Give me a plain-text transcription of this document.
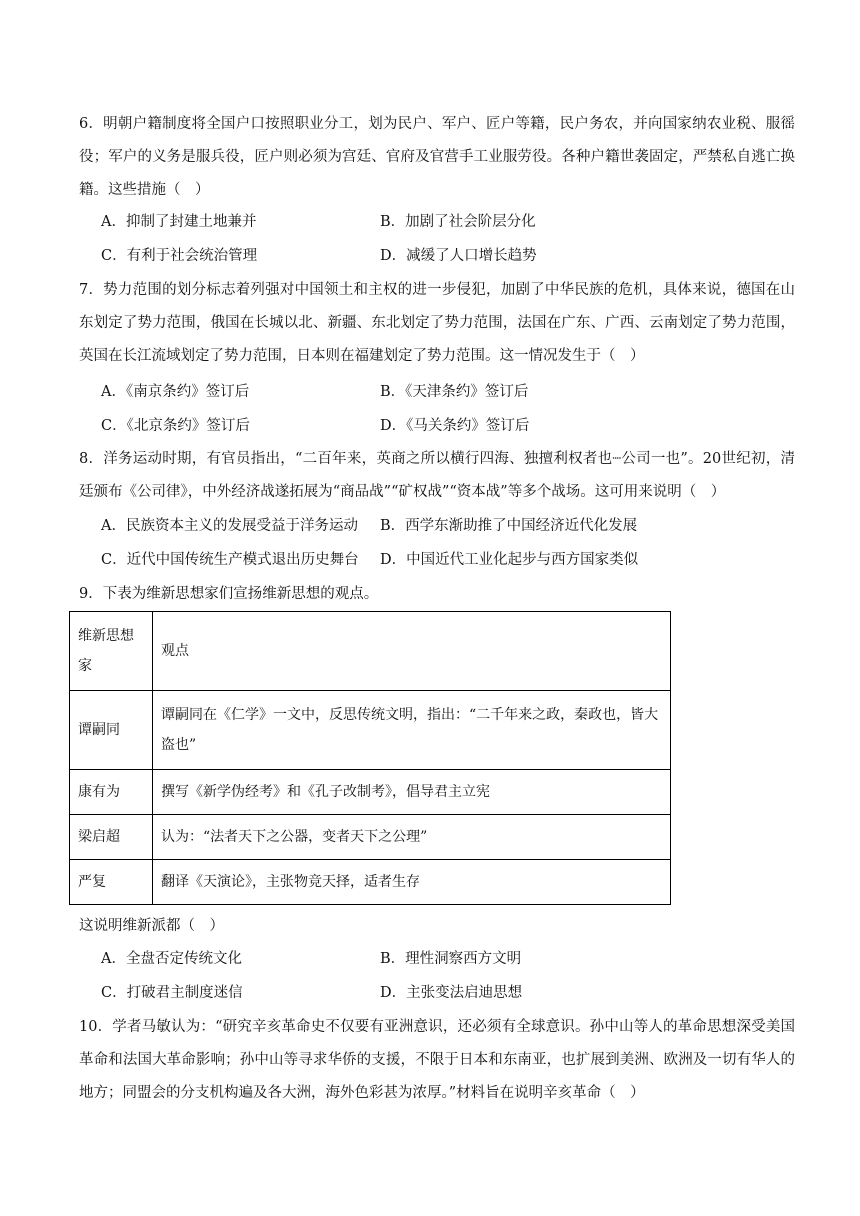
6．明朝户籍制度将全国户口按照职业分工，划为民户、军户、匠户等籍，民户务农，并向国家纳农业税、服徭役；军户的义务是服兵役，匠户则必须为宫廷、官府及官营手工业服劳役。各种户籍世袭固定，严禁私自逃亡换籍。这些措施（　）
A．抑制了封建土地兼并	B．加剧了社会阶层分化
C．有利于社会统治管理	D．减缓了人口增长趋势
7．势力范围的划分标志着列强对中国领土和主权的进一步侵犯，加剧了中华民族的危机，具体来说，德国在山东划定了势力范围，俄国在长城以北、新疆、东北划定了势力范围，法国在广东、广西、云南划定了势力范围，英国在长江流域划定了势力范围，日本则在福建划定了势力范围。这一情况发生于（　）
A．《南京条约》签订后	B．《天津条约》签订后
C．《北京条约》签订后	D．《马关条约》签订后
8．洋务运动时期，有官员指出，“二百年来，英商之所以横行四海、独擅利权者也┈公司一也”。20世纪初，清廷颁布《公司律》，中外经济战遂拓展为“商品战”“矿权战”“资本战”等多个战场。这可用来说明（　）
A．民族资本主义的发展受益于洋务运动	B．西学东渐助推了中国经济近代化发展
C．近代中国传统生产模式退出历史舞台	D．中国近代工业化起步与西方国家类似
9．下表为维新思想家们宣扬维新思想的观点。
维新思想家	观点
谭嗣同	谭嗣同在《仁学》一文中，反思传统文明，指出：“二千年来之政，秦政也，皆大盗也”
康有为	撰写《新学伪经考》和《孔子改制考》，倡导君主立宪
梁启超	认为：“法者天下之公器，变者天下之公理”
严复	翻译《天演论》，主张物竞天择，适者生存
这说明维新派都（　）
A．全盘否定传统文化	B．理性洞察西方文明
C．打破君主制度迷信	D．主张变法启迪思想
10．学者马敏认为：“研究辛亥革命史不仅要有亚洲意识，还必须有全球意识。孙中山等人的革命思想深受美国革命和法国大革命影响；孙中山等寻求华侨的支援，不限于日本和东南亚，也扩展到美洲、欧洲及一切有华人的地方；同盟会的分支机构遍及各大洲，海外色彩甚为浓厚。”材料旨在说明辛亥革命（　）
